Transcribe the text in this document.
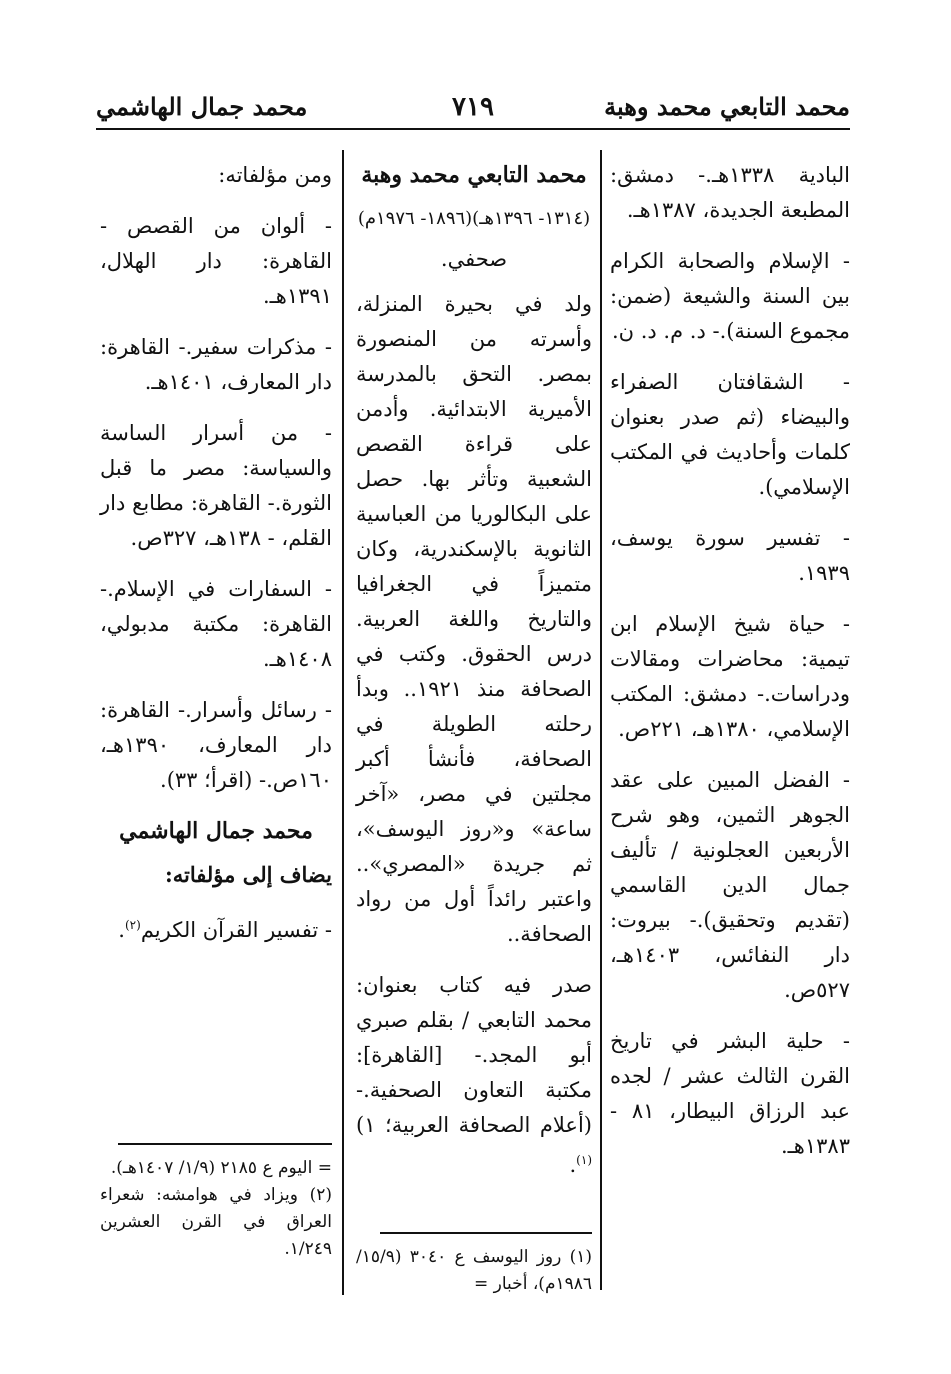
محمد التابعي محمد وهبة
٧١٩
محمد جمال الهاشمي

البادية ١٣٣٨هـ.- دمشق: المطبعة الجديدة، ١٣٨٧هـ.

- الإسلام والصحابة الكرام بين السنة والشيعة (ضمن: مجموع السنة).- د. م. د. ن.

- الشقافتان الصفراء والبيضاء (ثم صدر بعنوان كلمات وأحاديث في المكتب الإسلامي).

- تفسير سورة يوسف، ١٩٣٩.

- حياة شيخ الإسلام ابن تيمية: محاضرات ومقالات ودراسات.- دمشق: المكتب الإسلامي، ١٣٨٠هـ، ٢٢١ص.

- الفضل المبين على عقد الجوهر الثمين، وهو شرح الأربعين العجلونية / تأليف جمال الدين القاسمي (تقديم وتحقيق).- بيروت: دار النفائس، ١٤٠٣هـ، ٥٢٧ص.

- حلية البشر في تاريخ القرن الثالث عشر / لجده عبد الرزاق البيطار، ٨١ - ١٣٨٣هـ.

محمد التابعي محمد وهبة

(١٣١٤- ١٣٩٦هـ)(١٨٩٦- ١٩٧٦م)

صحفي.

ولد في بحيرة المنزلة، وأسرته من المنصورة بمصر. التحق بالمدرسة الأميرية الابتدائية. وأدمن على قراءة القصص الشعبية وتأثر بها. حصل على البكالوريا من العباسية الثانوية بالإسكندرية، وكان متميزاً في الجغرافيا والتاريخ واللغة العربية. درس الحقوق. وكتب في الصحافة منذ ١٩٢١.. وبدأ رحلته الطويلة في الصحافة، فأنشأ أكبر مجلتين في مصر، «آخر ساعة» و«روز اليوسف»، ثم جريدة «المصري».. واعتبر رائداً أول من رواد الصحافة..

صدر فيه كتاب بعنوان: محمد التابعي / بقلم صبري أبو المجد.- [القاهرة]: مكتبة التعاون الصحفية.- (أعلام الصحافة العربية؛ ١)$^{(١)}$.

(١) روز اليوسف ع ٣٠٤٠ (١٥/٩/ ١٩٨٦م)، أخبار =

ومن مؤلفاته:

- ألوان من القصص - القاهرة: دار الهلال، ١٣٩١هـ.

- مذكرات سفير.- القاهرة: دار المعارف، ١٤٠١هـ.

- من أسرار الساسة والسياسة: مصر ما قبل الثورة.- القاهرة: مطابع دار القلم، - ١٣٨هـ، ٣٢٧ص.

- السفارات في الإسلام.- القاهرة: مكتبة مدبولي، ١٤٠٨هـ.

- رسائل وأسرار.- القاهرة: دار المعارف، ١٣٩٠هـ، ١٦٠ص.- (اقرأ؛ ٣٣).

محمد جمال الهاشمي

يضاف إلى مؤلفاته:

- تفسير القرآن الكريم$^{(٢)}$.

= اليوم ع ٢١٨٥ (١/٩/ ١٤٠٧هـ).
(٢) ويزاد في هوامشه: شعراء العراق في القرن العشرين ١/٢٤٩.
